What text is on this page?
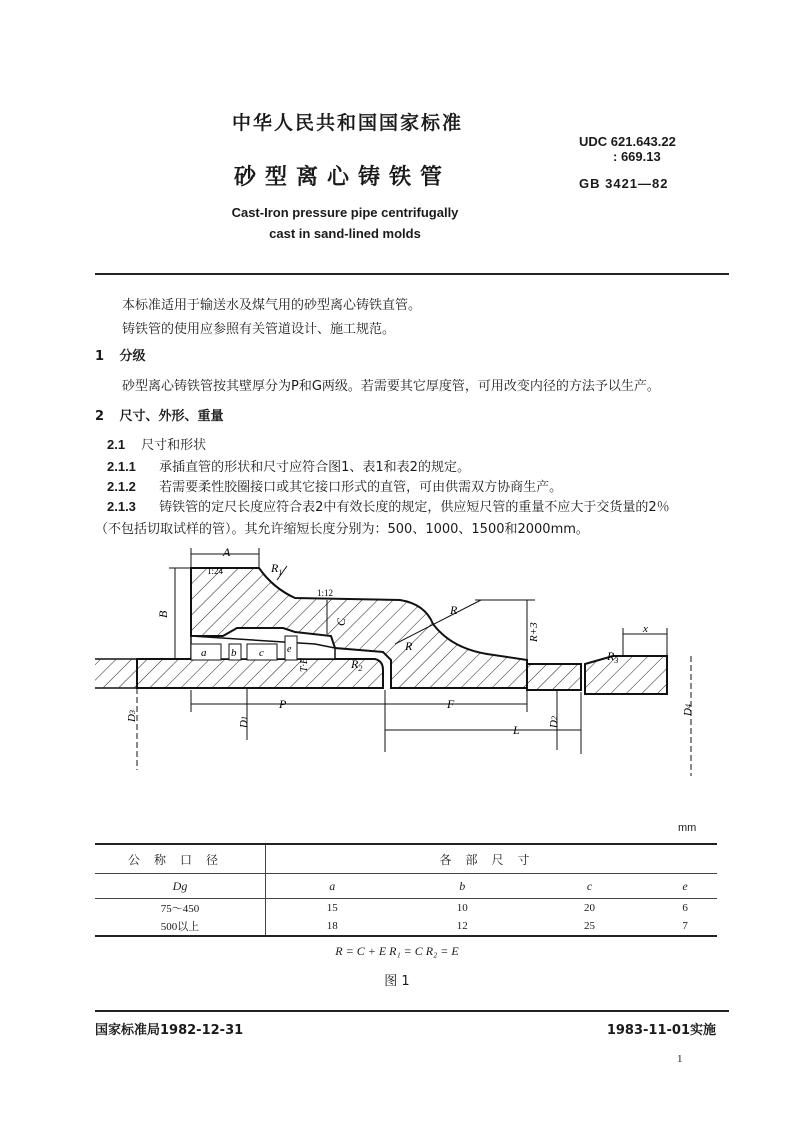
中华人民共和国国家标准
砂型离心铸铁管
Cast-Iron pressure pipe centrifugally
cast in sand-lined molds
UDC 621.643.22
: 669.13
GB 3421—82
本标准适用于输送水及煤气用的砂型离心铸铁直管。
铸铁管的使用应参照有关管道设计、施工规范。
1 分级
砂型离心铸铁管按其壁厚分为P和G两级。若需要其它厚度管，可用改变内径的方法予以生产。
2 尺寸、外形、重量
2.1 尺寸和形状
2.1.1 承插直管的形状和尺寸应符合图1、表1和表2的规定。
2.1.2 若需要柔性胶圈接口或其它接口形式的直管，可由供需双方协商生产。
2.1.3 铸铁管的定尺长度应符合表2中有效长度的规定，供应短尺管的重量不应大于交货量的2％
（不包括切取试样的管）。其允许缩短长度分别为：500、1000、1500和2000mm。
A
1:24	$R_1$
1:12
B
C
R
R
R+3
a b c e
T·E	$R_2$
$R_3$
x
D3
D1
D2
D4
P	F
L
mm
公称口径	各部尺寸			
Dg	a	b	c	e
75～450	15	10	20	6
500以上	18	12	25	7
R = C + E R₁ = C R₂ = E
图 1
国家标准局1982-12-31	1983-11-01实施
1
